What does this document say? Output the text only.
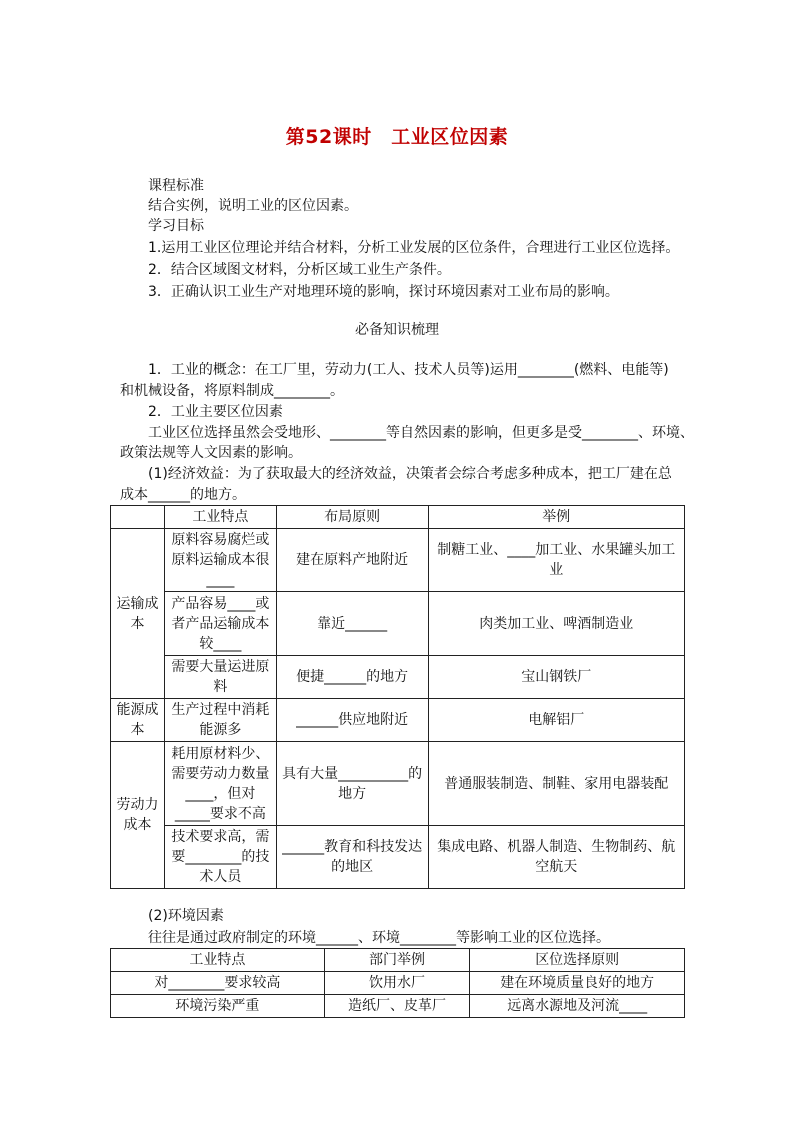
第52课时　工业区位因素
课程标准
结合实例，说明工业的区位因素。
学习目标
1.运用工业区位理论并结合材料，分析工业发展的区位条件，合理进行工业区位选择。
2．结合区域图文材料，分析区域工业生产条件。
3．正确认识工业生产对地理环境的影响，探讨环境因素对工业布局的影响。
必备知识梳理
1．工业的概念：在工厂里，劳动力(工人、技术人员等)运用________(燃料、电能等)
和机械设备，将原料制成________。
2．工业主要区位因素
工业区位选择虽然会受地形、________等自然因素的影响，但更多是受________、环境、
政策法规等人文因素的影响。
(1)经济效益：为了获取最大的经济效益，决策者会综合考虑多种成本，把工厂建在总
成本______的地方。
	工业特点	布局原则	举例
运输成本	原料容易腐烂或原料运输成本很____	建在原料产地附近	制糖工业、____加工业、水果罐头加工业
	产品容易____或者产品运输成本较____	靠近______	肉类加工业、啤酒制造业
	需要大量运进原料	便捷______的地方	宝山钢铁厂
能源成本	生产过程中消耗能源多	______供应地附近	电解铝厂
劳动力成本	耗用原材料少、需要劳动力数量____，但对_____要求不高	具有大量__________的地方	普通服装制造、制鞋、家用电器装配
	技术要求高，需要________的技术人员	______教育和科技发达的地区	集成电路、机器人制造、生物制药、航空航天
(2)环境因素
往往是通过政府制定的环境______、环境________等影响工业的区位选择。
工业特点	部门举例	区位选择原则
对________要求较高	饮用水厂	建在环境质量良好的地方
环境污染严重	造纸厂、皮革厂	远离水源地及河流____
